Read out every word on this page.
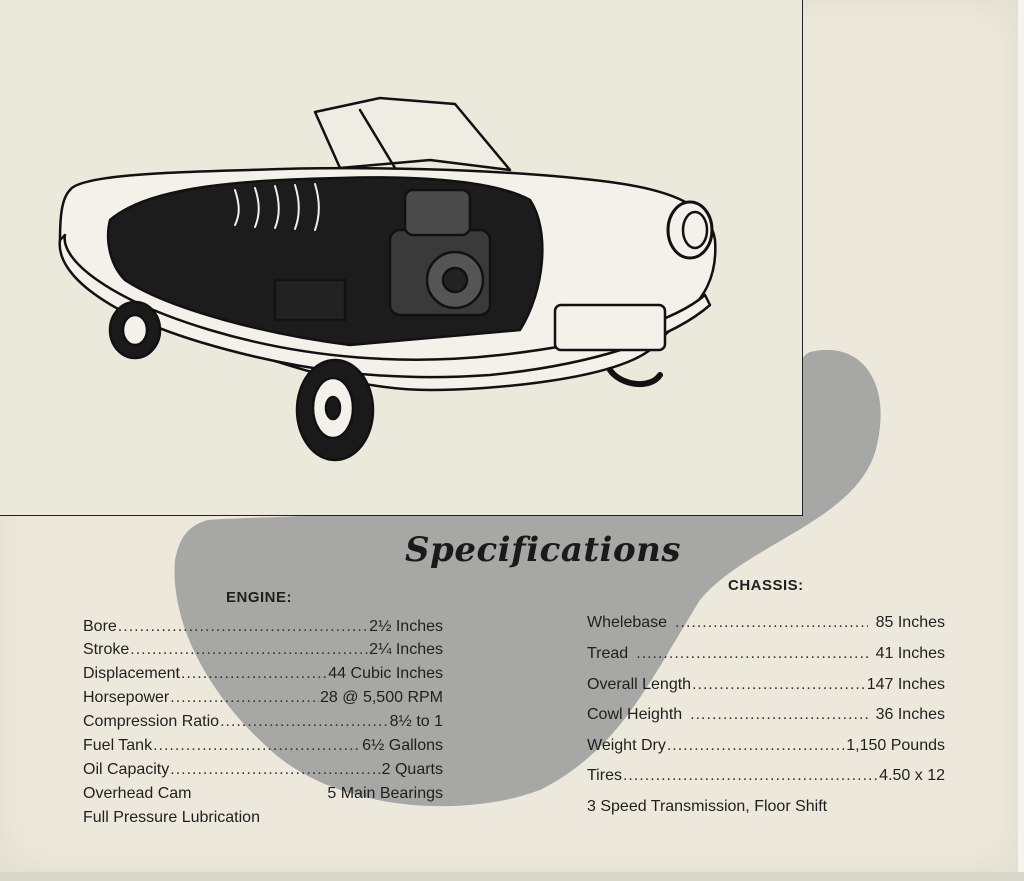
Specifications
ENGINE:
CHASSIS:
Bore .....	2½ Inches
Stroke .....	2¼ Inches
Displacement .....	44 Cubic Inches
Horsepower .....	28 @ 5,500 RPM
Compression Ratio .....	8½ to 1
Fuel Tank .....	6½ Gallons
Oil Capacity .....	2 Quarts
Overhead Cam	5 Main Bearings
Full Pressure Lubrication
Whelebase .....	85 Inches
Tread .....	41 Inches
Overall Length .....	147 Inches
Cowl Heighth .....	36 Inches
Weight Dry .....	1,150 Pounds
Tires .....	4.50 x 12
3 Speed Transmission, Floor Shift
